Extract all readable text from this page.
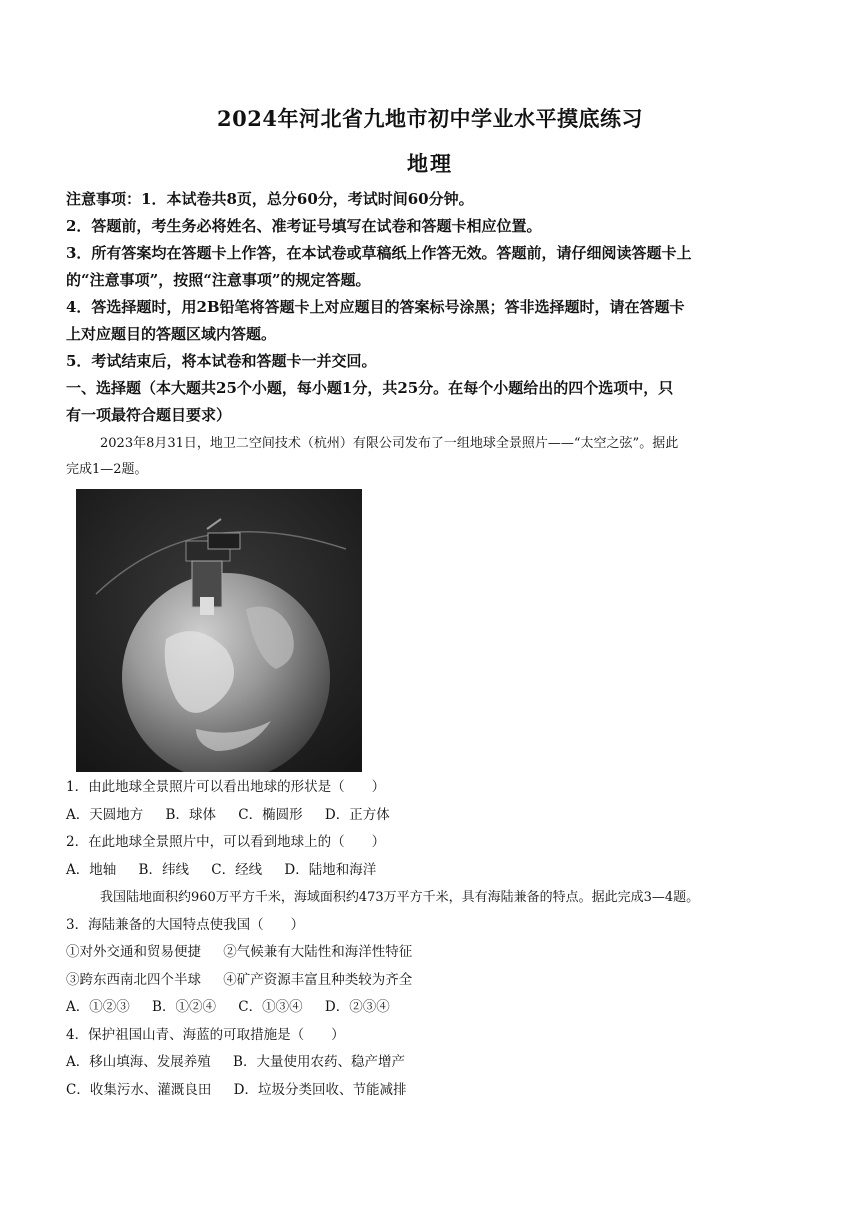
2024年河北省九地市初中学业水平摸底练习
地理

注意事项：1．本试卷共8页，总分60分，考试时间60分钟。

2．答题前，考生务必将姓名、准考证号填写在试卷和答题卡相应位置。

3．所有答案均在答题卡上作答，在本试卷或草稿纸上作答无效。答题前，请仔细阅读答题卡上

的“注意事项”，按照“注意事项”的规定答题。

4．答选择题时，用2B铅笔将答题卡上对应题目的答案标号涂黑；答非选择题时，请在答题卡

上对应题目的答题区域内答题。

5．考试结束后，将本试卷和答题卡一并交回。

一、选择题（本大题共25个小题，每小题1分，共25分。在每个小题给出的四个选项中，只

有一项最符合题目要求）

2023年8月31日，地卫二空间技术（杭州）有限公司发布了一组地球全景照片——“太空之弦”。据此

完成1—2题。

1．由此地球全景照片可以看出地球的形状是（　　）

A．天圆地方 B．球体 C．椭圆形 D．正方体

2．在此地球全景照片中，可以看到地球上的（　　）

A．地轴 B．纬线 C．经线 D．陆地和海洋

我国陆地面积约960万平方千米，海域面积约473万平方千米，具有海陆兼备的特点。据此完成3—4题。

3．海陆兼备的大国特点使我国（　　）

①对外交通和贸易便捷 ②气候兼有大陆性和海洋性特征

③跨东西南北四个半球 ④矿产资源丰富且种类较为齐全

A．①②③ B．①②④ C．①③④ D．②③④

4．保护祖国山青、海蓝的可取措施是（　　）

A．移山填海、发展养殖 B．大量使用农药、稳产增产

C．收集污水、灌溉良田 D．垃圾分类回收、节能减排
